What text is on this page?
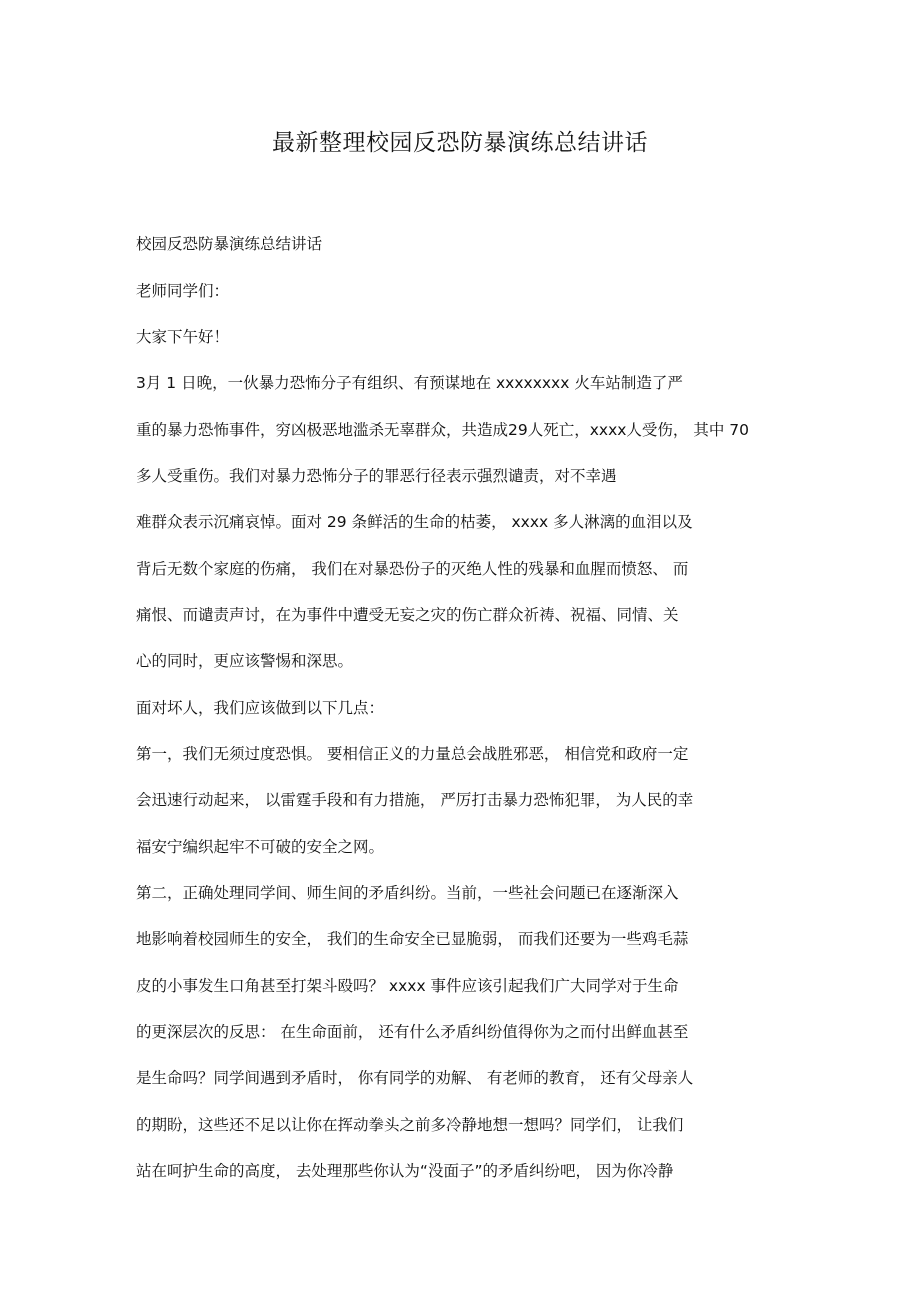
最新整理校园反恐防暴演练总结讲话

校园反恐防暴演练总结讲话

老师同学们：

大家下午好！

3月 1 日晚，一伙暴力恐怖分子有组织、有预谋地在 xxxxxxxx 火车站制造了严

重的暴力恐怖事件，穷凶极恶地滥杀无辜群众，共造成29人死亡，xxxx人受伤， 其中 70

多人受重伤。我们对暴力恐怖分子的罪恶行径表示强烈谴责，对不幸遇

难群众表示沉痛哀悼。面对 29 条鲜活的生命的枯萎， xxxx 多人淋漓的血泪以及

背后无数个家庭的伤痛， 我们在对暴恐份子的灭绝人性的残暴和血腥而愤怒、 而

痛恨、而谴责声讨，在为事件中遭受无妄之灾的伤亡群众祈祷、祝福、同情、关

心的同时，更应该警惕和深思。

面对坏人，我们应该做到以下几点：

第一，我们无须过度恐惧。 要相信正义的力量总会战胜邪恶， 相信党和政府一定

会迅速行动起来， 以雷霆手段和有力措施， 严厉打击暴力恐怖犯罪， 为人民的幸

福安宁编织起牢不可破的安全之网。

第二，正确处理同学间、师生间的矛盾纠纷。当前，一些社会问题已在逐渐深入

地影响着校园师生的安全， 我们的生命安全已显脆弱， 而我们还要为一些鸡毛蒜

皮的小事发生口角甚至打架斗殴吗？ xxxx 事件应该引起我们广大同学对于生命

的更深层次的反思： 在生命面前， 还有什么矛盾纠纷值得你为之而付出鲜血甚至

是生命吗？同学间遇到矛盾时， 你有同学的劝解、 有老师的教育， 还有父母亲人

的期盼，这些还不足以让你在挥动拳头之前多冷静地想一想吗？同学们， 让我们

站在呵护生命的高度， 去处理那些你认为“没面子”的矛盾纠纷吧， 因为你冷静
